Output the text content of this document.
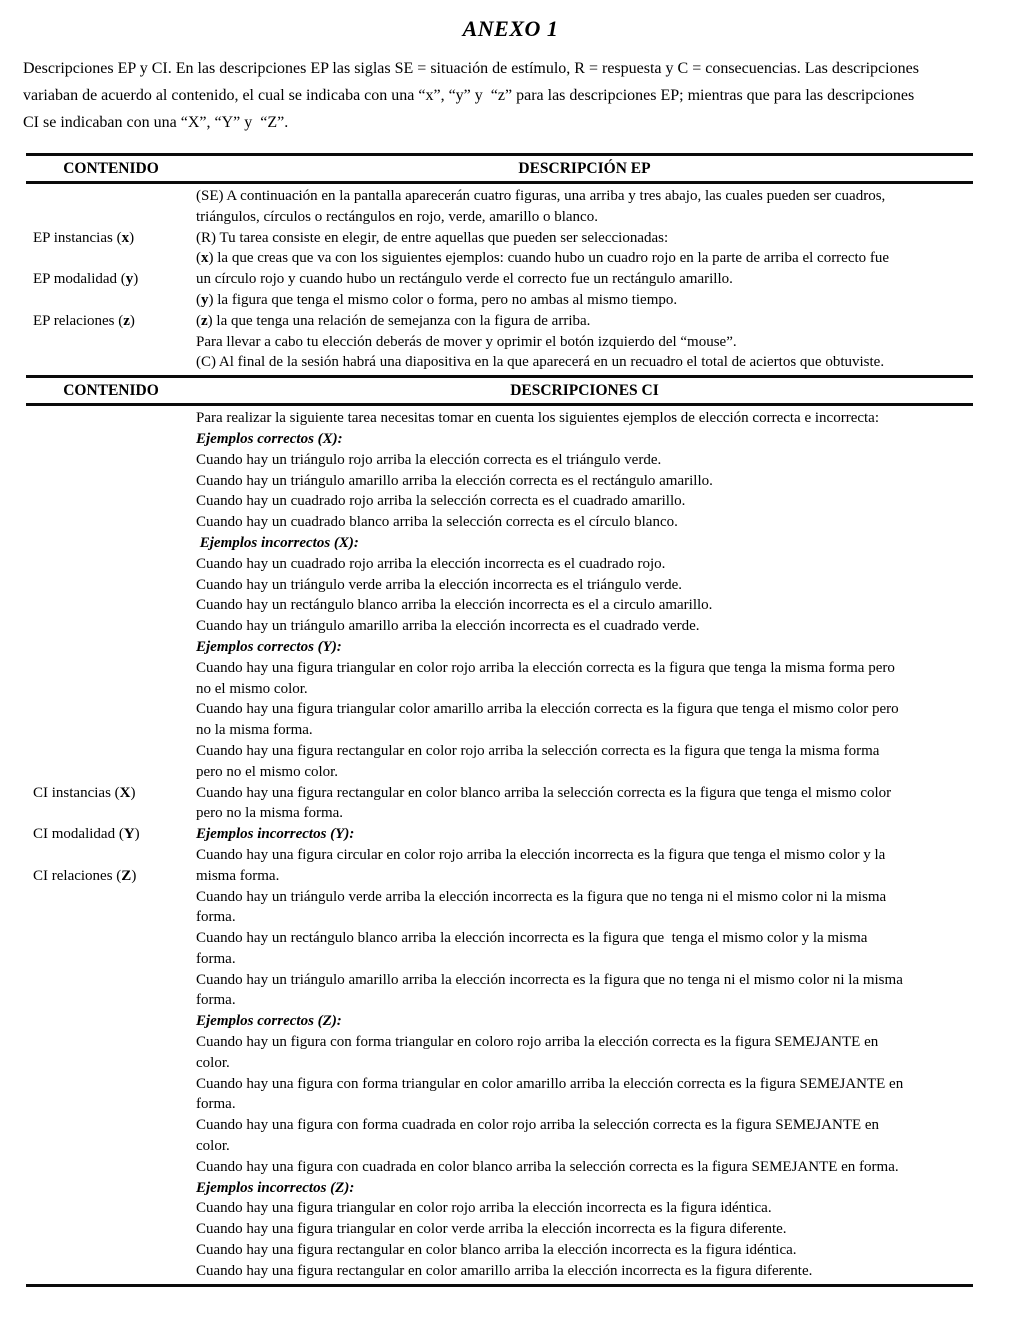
ANEXO 1
Descripciones EP y CI. En las descripciones EP las siglas SE = situación de estímulo, R = respuesta y C = consecuencias. Las descripciones
variaban de acuerdo al contenido, el cual se indicaba con una “x”, “y” y  “z” para las descripciones EP; mientras que para las descripciones
CI se indicaban con una “X”, “Y” y  “Z”.
CONTENIDO	DESCRIPCIÓN EP
EP instancias (x)
EP modalidad (y)
EP relaciones (z)
(SE) A continuación en la pantalla aparecerán cuatro figuras, una arriba y tres abajo, las cuales pueden ser cuadros,
triángulos, círculos o rectángulos en rojo, verde, amarillo o blanco.
(R) Tu tarea consiste en elegir, de entre aquellas que pueden ser seleccionadas:
(x) la que creas que va con los siguientes ejemplos: cuando hubo un cuadro rojo en la parte de arriba el correcto fue
un círculo rojo y cuando hubo un rectángulo verde el correcto fue un rectángulo amarillo.
(y) la figura que tenga el mismo color o forma, pero no ambas al mismo tiempo.
(z) la que tenga una relación de semejanza con la figura de arriba.
Para llevar a cabo tu elección deberás de mover y oprimir el botón izquierdo del “mouse”.
(C) Al final de la sesión habrá una diapositiva en la que aparecerá en un recuadro el total de aciertos que obtuviste.
CONTENIDO	DESCRIPCIONES CI
CI instancias (X)
CI modalidad (Y)
CI relaciones (Z)
Para realizar la siguiente tarea necesitas tomar en cuenta los siguientes ejemplos de elección correcta e incorrecta:
Ejemplos correctos (X):
Cuando hay un triángulo rojo arriba la elección correcta es el triángulo verde.
Cuando hay un triángulo amarillo arriba la elección correcta es el rectángulo amarillo.
Cuando hay un cuadrado rojo arriba la selección correcta es el cuadrado amarillo.
Cuando hay un cuadrado blanco arriba la selección correcta es el círculo blanco.
Ejemplos incorrectos (X):
Cuando hay un cuadrado rojo arriba la elección incorrecta es el cuadrado rojo.
Cuando hay un triángulo verde arriba la elección incorrecta es el triángulo verde.
Cuando hay un rectángulo blanco arriba la elección incorrecta es el a circulo amarillo.
Cuando hay un triángulo amarillo arriba la elección incorrecta es el cuadrado verde.
Ejemplos correctos (Y):
Cuando hay una figura triangular en color rojo arriba la elección correcta es la figura que tenga la misma forma pero
no el mismo color.
Cuando hay una figura triangular color amarillo arriba la elección correcta es la figura que tenga el mismo color pero
no la misma forma.
Cuando hay una figura rectangular en color rojo arriba la selección correcta es la figura que tenga la misma forma
pero no el mismo color.
Cuando hay una figura rectangular en color blanco arriba la selección correcta es la figura que tenga el mismo color
pero no la misma forma.
Ejemplos incorrectos (Y):
Cuando hay una figura circular en color rojo arriba la elección incorrecta es la figura que tenga el mismo color y la
misma forma.
Cuando hay un triángulo verde arriba la elección incorrecta es la figura que no tenga ni el mismo color ni la misma
forma.
Cuando hay un rectángulo blanco arriba la elección incorrecta es la figura que  tenga el mismo color y la misma
forma.
Cuando hay un triángulo amarillo arriba la elección incorrecta es la figura que no tenga ni el mismo color ni la misma
forma.
Ejemplos correctos (Z):
Cuando hay un figura con forma triangular en coloro rojo arriba la elección correcta es la figura SEMEJANTE en
color.
Cuando hay una figura con forma triangular en color amarillo arriba la elección correcta es la figura SEMEJANTE en
forma.
Cuando hay una figura con forma cuadrada en color rojo arriba la selección correcta es la figura SEMEJANTE en
color.
Cuando hay una figura con cuadrada en color blanco arriba la selección correcta es la figura SEMEJANTE en forma.
Ejemplos incorrectos (Z):
Cuando hay una figura triangular en color rojo arriba la elección incorrecta es la figura idéntica.
Cuando hay una figura triangular en color verde arriba la elección incorrecta es la figura diferente.
Cuando hay una figura rectangular en color blanco arriba la elección incorrecta es la figura idéntica.
Cuando hay una figura rectangular en color amarillo arriba la elección incorrecta es la figura diferente.
